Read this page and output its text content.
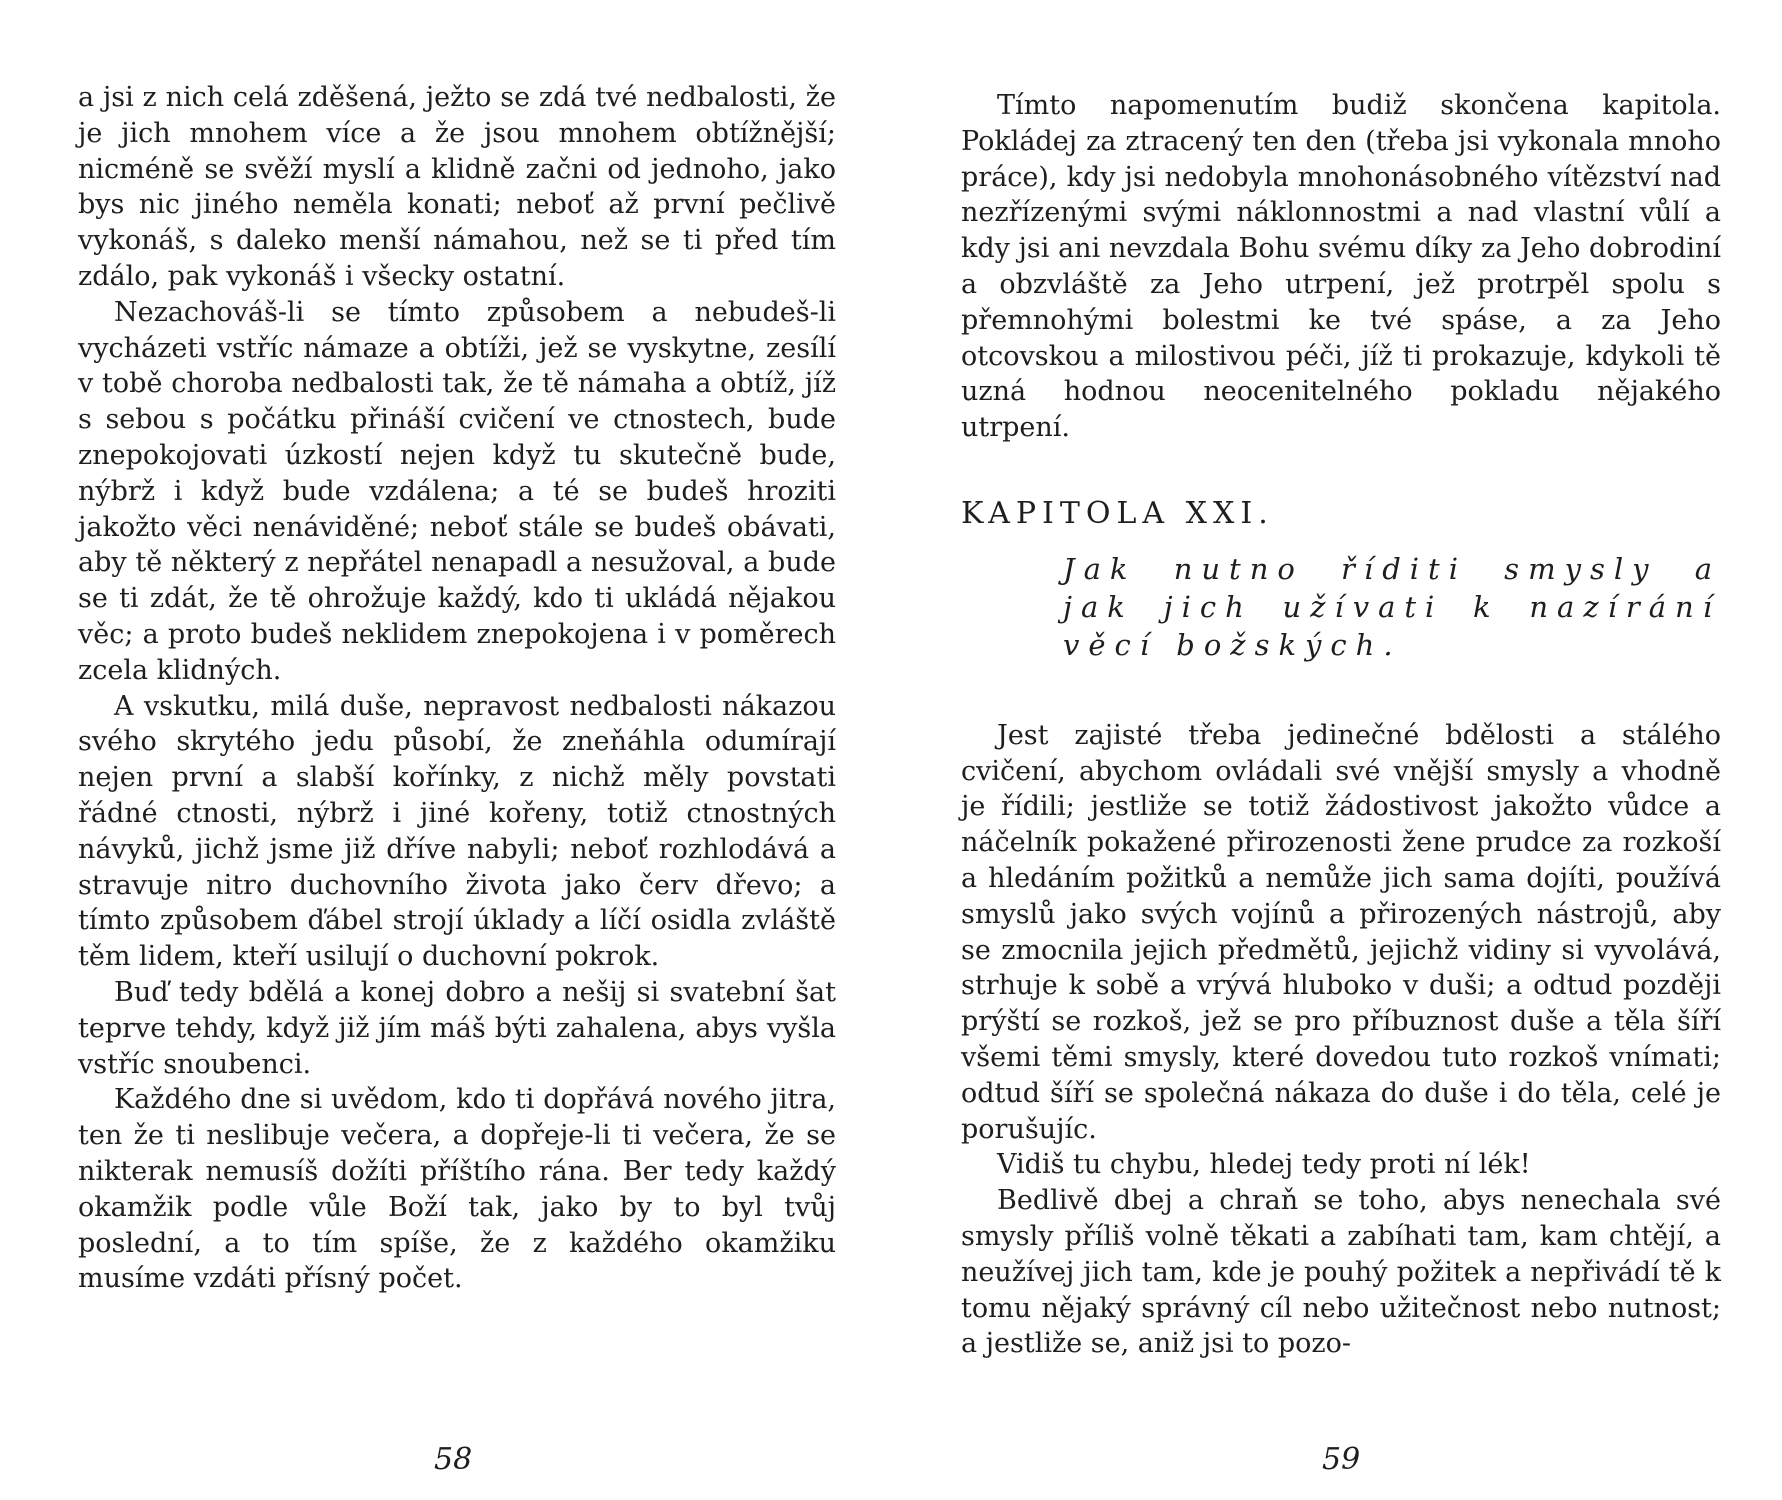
a jsi z nich celá zděšená, ježto se zdá tvé nedbalosti, že je jich mnohem více a že jsou mnohem obtížnější; nicméně se svěží myslí a klidně začni od jednoho, jako bys nic jiného neměla konati; neboť až první pečlivě vykonáš, s daleko menší námahou, než se ti před tím zdálo, pak vykonáš i všecky ostatní.

Nezachováš-li se tímto způsobem a nebudeš-li vycházeti vstříc námaze a obtíži, jež se vyskytne, zesílí v tobě choroba nedbalosti tak, že tě námaha a obtíž, jíž s sebou s počátku přináší cvičení ve ctnostech, bude znepokojovati úzkostí nejen když tu skutečně bude, nýbrž i když bude vzdálena; a té se budeš hroziti jakožto věci nenáviděné; neboť stále se budeš obávati, aby tě některý z nepřátel nenapadl a nesužoval, a bude se ti zdát, že tě ohrožuje každý, kdo ti ukládá nějakou věc; a proto budeš neklidem znepokojena i v poměrech zcela klidných.

A vskutku, milá duše, nepravost nedbalosti nákazou svého skrytého jedu působí, že zneňáhla odumírají nejen první a slabší kořínky, z nichž měly povstati řádné ctnosti, nýbrž i jiné kořeny, totiž ctnostných návyků, jichž jsme již dříve nabyli; neboť rozhlodává a stravuje nitro duchovního života jako červ dřevo; a tímto způsobem ďábel strojí úklady a líčí osidla zvláště těm lidem, kteří usilují o duchovní pokrok.

Buď tedy bdělá a konej dobro a nešij si svatební šat teprve tehdy, když již jím máš býti zahalena, abys vyšla vstříc snoubenci.

Každého dne si uvědom, kdo ti dopřává nového jitra, ten že ti neslibuje večera, a dopřeje-li ti večera, že se nikterak nemusíš dožíti příštího rána. Ber tedy každý okamžik podle vůle Boží tak, jako by to byl tvůj poslední, a to tím spíše, že z každého okamžiku musíme vzdáti přísný počet.

58

Tímto napomenutím budiž skončena kapitola. Pokládej za ztracený ten den (třeba jsi vykonala mnoho práce), kdy jsi nedobyla mnohonásobného vítězství nad nezřízenými svými náklonnostmi a nad vlastní vůlí a kdy jsi ani nevzdala Bohu svému díky za Jeho dobrodiní a obzvláště za Jeho utrpení, jež protrpěl spolu s přemnohými bolestmi ke tvé spáse, a za Jeho otcovskou a milostivou péči, jíž ti prokazuje, kdykoli tě uzná hodnou neocenitelného pokladu nějakého utrpení.

KAPITOLA XXI.
Jak nutno říditi smysly a jak jich užívati k nazírání věcí božských.

Jest zajisté třeba jedinečné bdělosti a stálého cvičení, abychom ovládali své vnější smysly a vhodně je řídili; jestliže se totiž žádostivost jakožto vůdce a náčelník pokažené přirozenosti žene prudce za rozkoší a hledáním požitků a nemůže jich sama dojíti, používá smyslů jako svých vojínů a přirozených nástrojů, aby se zmocnila jejich předmětů, jejichž vidiny si vyvolává, strhuje k sobě a vrývá hluboko v duši; a odtud později prýští se rozkoš, jež se pro příbuznost duše a těla šíří všemi těmi smysly, které dovedou tuto rozkoš vnímati; odtud šíří se společná nákaza do duše i do těla, celé je porušujíc.

Vidiš tu chybu, hledej tedy proti ní lék!

Bedlivě dbej a chraň se toho, abys nenechala své smysly příliš volně těkati a zabíhati tam, kam chtějí, a neužívej jich tam, kde je pouhý požitek a nepřivádí tě k tomu nějaký správný cíl nebo užitečnost nebo nutnost; a jestliže se, aniž jsi to pozo-

59
